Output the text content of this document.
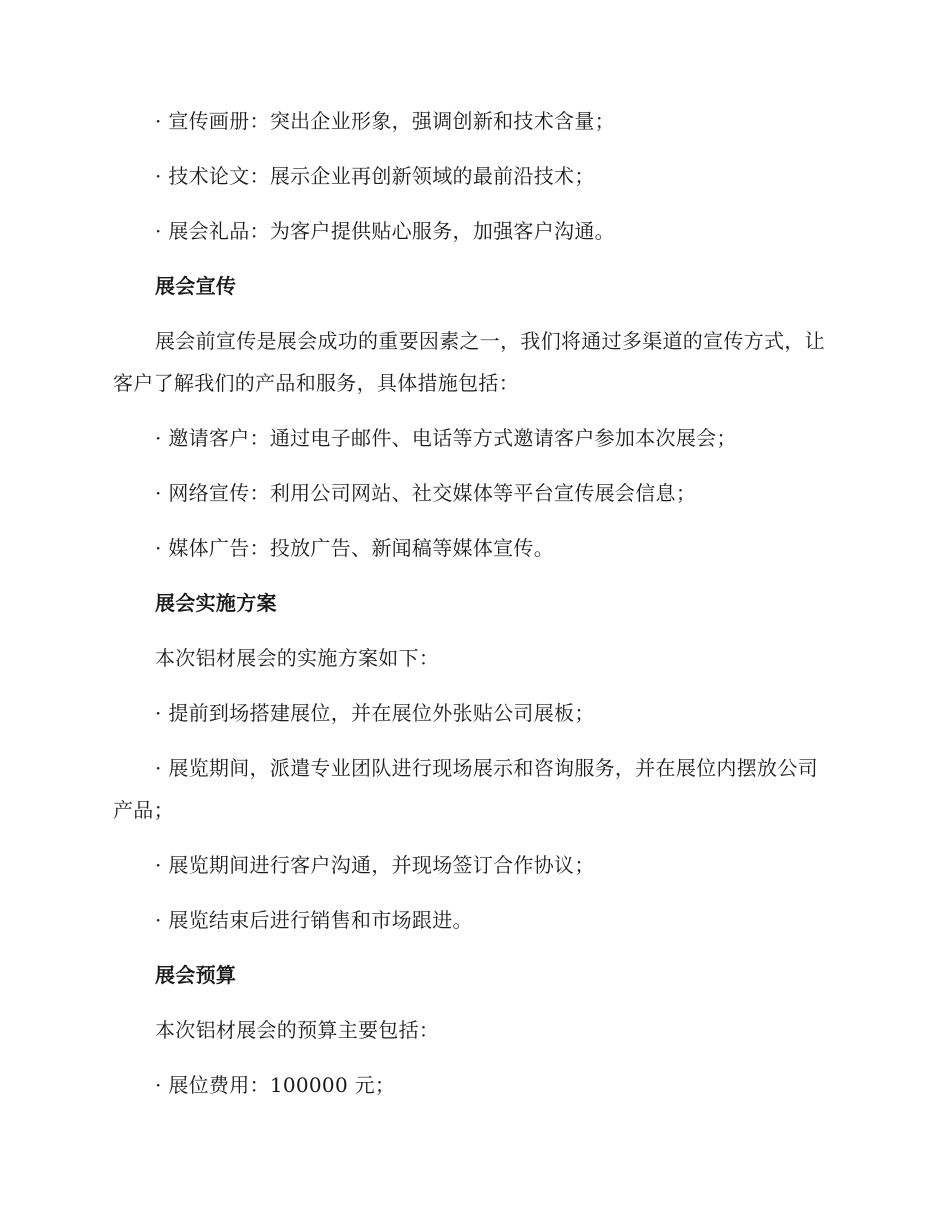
· 宣传画册：突出企业形象，强调创新和技术含量；

· 技术论文：展示企业再创新领域的最前沿技术；

· 展会礼品：为客户提供贴心服务，加强客户沟通。

展会宣传

展会前宣传是展会成功的重要因素之一，我们将通过多渠道的宣传方式，让客户了解我们的产品和服务，具体措施包括：

· 邀请客户：通过电子邮件、电话等方式邀请客户参加本次展会；

· 网络宣传：利用公司网站、社交媒体等平台宣传展会信息；

· 媒体广告：投放广告、新闻稿等媒体宣传。

展会实施方案

本次铝材展会的实施方案如下：

· 提前到场搭建展位，并在展位外张贴公司展板；

· 展览期间，派遣专业团队进行现场展示和咨询服务，并在展位内摆放公司产品；

· 展览期间进行客户沟通，并现场签订合作协议；

· 展览结束后进行销售和市场跟进。

展会预算

本次铝材展会的预算主要包括：

· 展位费用：100000 元；
